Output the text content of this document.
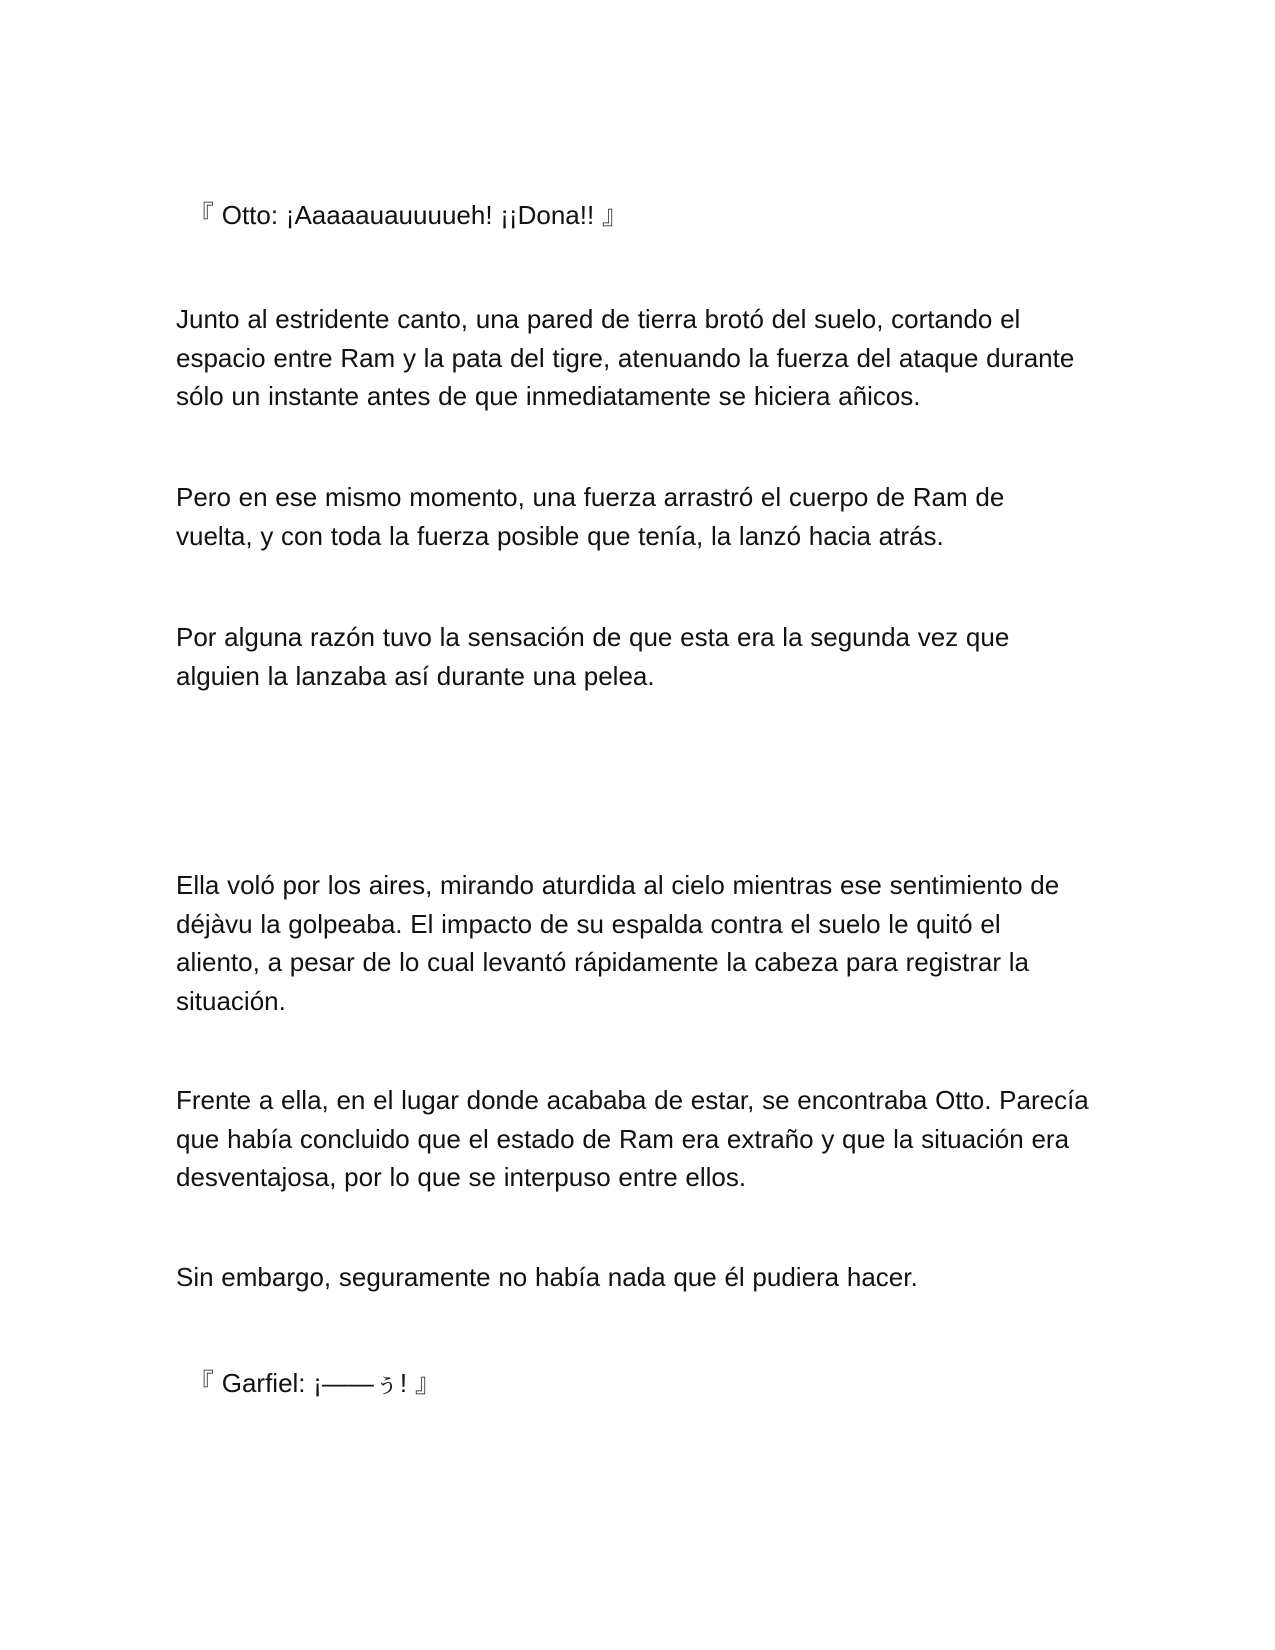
『 Otto: ¡Aaaaauauuuueh! ¡¡Dona!! 』

Junto al estridente canto, una pared de tierra brotó del suelo, cortando el
espacio entre Ram y la pata del tigre, atenuando la fuerza del ataque durante
sólo un instante antes de que inmediatamente se hiciera añicos.

Pero en ese mismo momento, una fuerza arrastró el cuerpo de Ram de
vuelta, y con toda la fuerza posible que tenía, la lanzó hacia atrás.

Por alguna razón tuvo la sensación de que esta era la segunda vez que
alguien la lanzaba así durante una pelea.

Ella voló por los aires, mirando aturdida al cielo mientras ese sentimiento de
déjàvu la golpeaba. El impacto de su espalda contra el suelo le quitó el
aliento, a pesar de lo cual levantó rápidamente la cabeza para registrar la
situación.

Frente a ella, en el lugar donde acababa de estar, se encontraba Otto. Parecía
que había concluido que el estado de Ram era extraño y que la situación era
desventajosa, por lo que se interpuso entre ellos.

Sin embargo, seguramente no había nada que él pudiera hacer.

『 Garfiel: ¡——ぅ! 』
